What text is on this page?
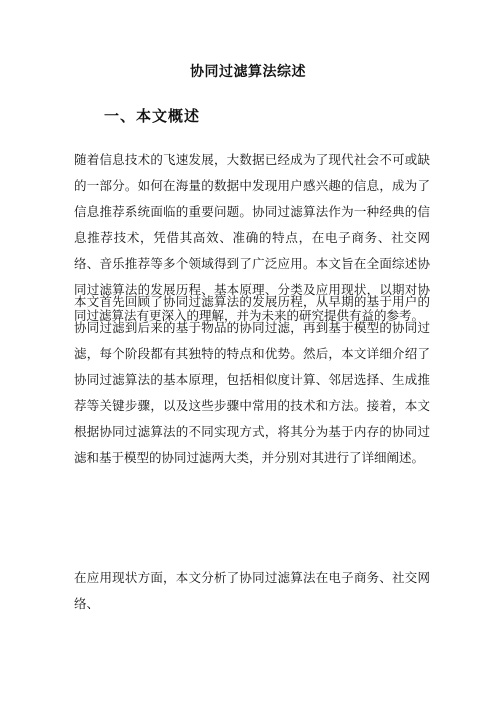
协同过滤算法综述
一、本文概述

随着信息技术的飞速发展，大数据已经成为了现代社会不可或缺的一部分。如何在海量的数据中发现用户感兴趣的信息，成为了信息推荐系统面临的重要问题。协同过滤算法作为一种经典的信息推荐技术，凭借其高效、准确的特点，在电子商务、社交网络、音乐推荐等多个领域得到了广泛应用。本文旨在全面综述协同过滤算法的发展历程、基本原理、分类及应用现状，以期对协同过滤算法有更深入的理解，并为未来的研究提供有益的参考。

本文首先回顾了协同过滤算法的发展历程，从早期的基于用户的协同过滤到后来的基于物品的协同过滤，再到基于模型的协同过滤，每个阶段都有其独特的特点和优势。然后，本文详细介绍了协同过滤算法的基本原理，包括相似度计算、邻居选择、生成推荐等关键步骤，以及这些步骤中常用的技术和方法。接着，本文根据协同过滤算法的不同实现方式，将其分为基于内存的协同过滤和基于模型的协同过滤两大类，并分别对其进行了详细阐述。

在应用现状方面，本文分析了协同过滤算法在电子商务、社交网络、
